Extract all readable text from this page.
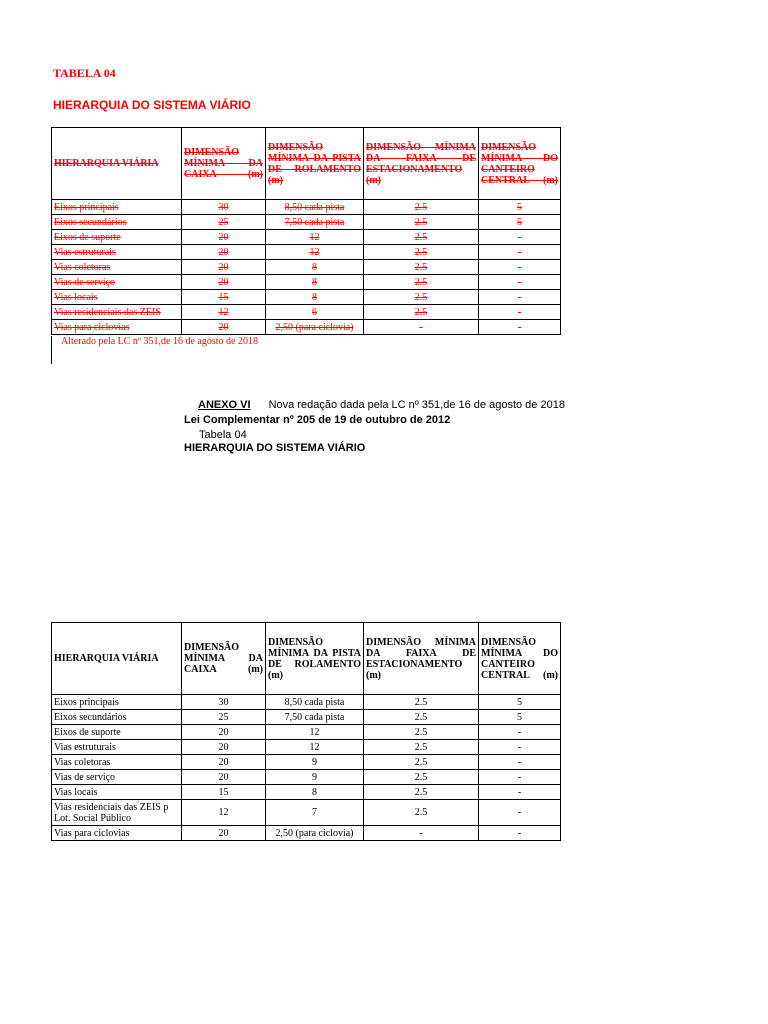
TABELA 04
HIERARQUIA DO SISTEMA VIÁRIO
HIERARQUIA VIÁRIA	DIMENSÃO MÍNIMA DA CAIXA (m)	DIMENSÃO MÍNIMA DA PISTA DE ROLAMENTO (m)	DIMENSÃO MÍNIMA DA FAIXA DE ESTACIONAMENTO (m)	DIMENSÃO MÍNIMA DO CANTEIRO CENTRAL (m)
Eixos principais	30	8,50 cada pista	2.5	5
Eixos secundários	25	7,50 cada pista	2.5	5
Eixos de suporte	20	12	2.5	-
Vias estruturais	20	12	2.5	-
Vias coletoras	20	8	2.5	-
Vias de serviço	20	8	2.5	-
Vias locais	15	8	2.5	-
Vias residenciais das ZEIS	12	6	2.5	-
Vias para ciclovias	20	2,50 (para ciclovia)	-	-
Alterado pela LC nº 351,de 16 de agosto de 2018
ANEXO VI Nova redação dada pela LC nº 351,de 16 de agosto de 2018
Lei Complementar nº 205 de 19 de outubro de 2012
Tabela 04
HIERARQUIA DO SISTEMA VIÁRIO
HIERARQUIA VIÁRIA	DIMENSÃO MÍNIMA DA CAIXA (m)	DIMENSÃO MÍNIMA DA PISTA DE ROLAMENTO (m)	DIMENSÃO MÍNIMA DA FAIXA DE ESTACIONAMENTO (m)	DIMENSÃO MÍNIMA DO CANTEIRO CENTRAL (m)
Eixos principais	30	8,50 cada pista	2.5	5
Eixos secundários	25	7,50 cada pista	2.5	5
Eixos de suporte	20	12	2.5	-
Vias estruturais	20	12	2.5	-
Vias coletoras	20	9	2.5	-
Vias de serviço	20	9	2.5	-
Vias locais	15	8	2.5	-
Vias residenciais das ZEIS p Lot. Social Público	12	7	2.5	-
Vias para ciclovias	20	2,50 (para ciclovia)	-	-
